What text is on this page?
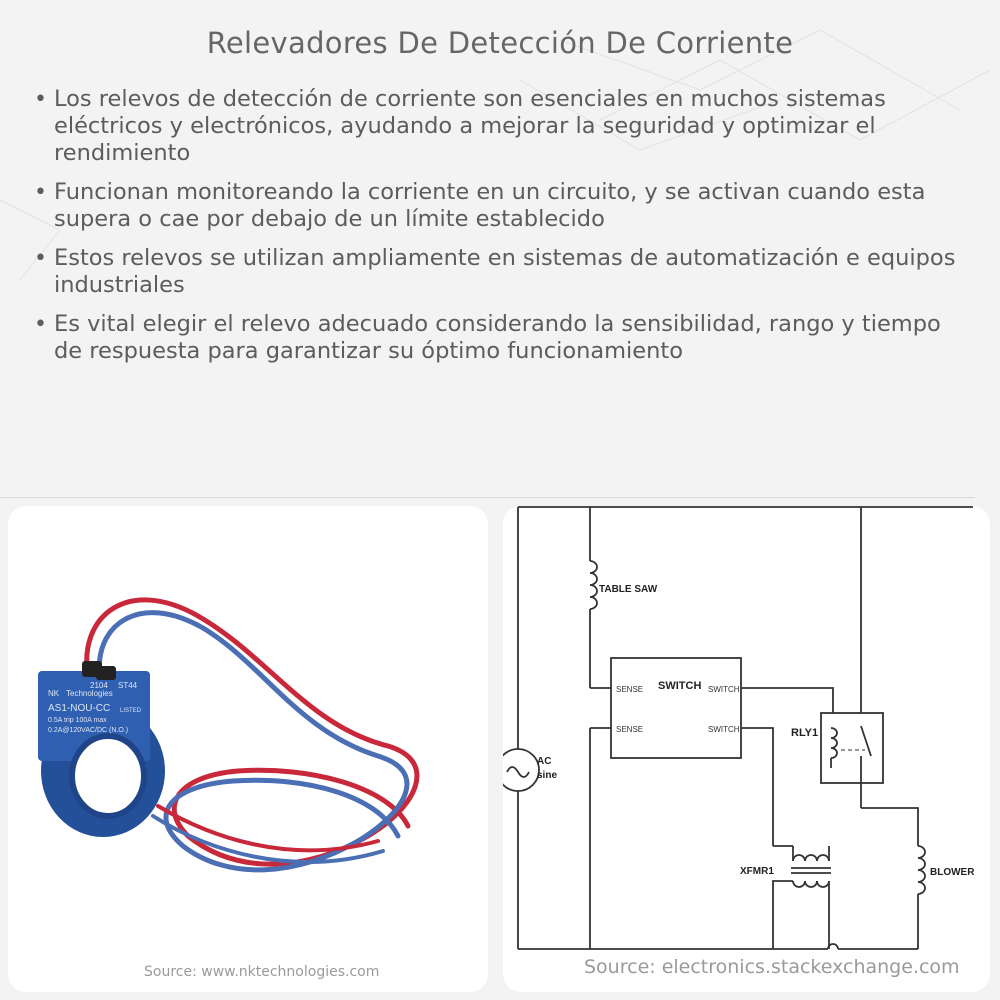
Relevadores De Detección De Corriente
• Los relevos de detección de corriente son esenciales en muchos sistemas eléctricos y electrónicos, ayudando a mejorar la seguridad y optimizar el rendimiento
• Funcionan monitoreando la corriente en un circuito, y se activan cuando esta supera o cae por debajo de un límite establecido
• Estos relevos se utilizan ampliamente en sistemas de automatización e equipos industriales
• Es vital elegir el relevo adecuado considerando la sensibilidad, rango y tiempo de respuesta para garantizar su óptimo funcionamiento
NK Technologies
2104 ST44
AS1-NOU-CC
0.5A trip 100A max
0.2A@120VAC/DC (N.O.)
LISTED
TABLE SAW
SWITCH
RLY1
AC
sine
XFMR1	BLOWER
SENSE
SENSE
SWITCH
SWITCH
Source: www.nktechnologies.com	Source: electronics.stackexchange.com
